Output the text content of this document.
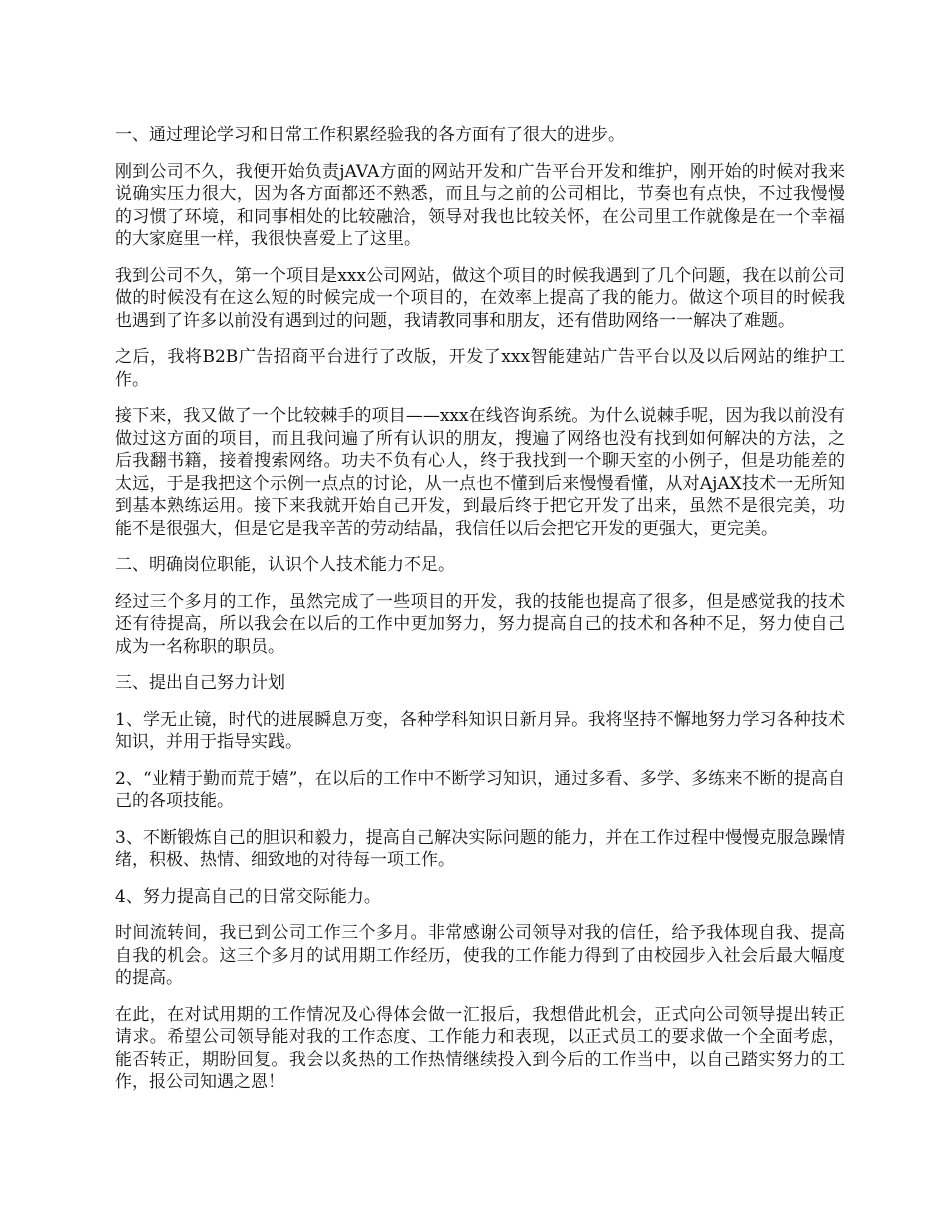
一、通过理论学习和日常工作积累经验我的各方面有了很大的进步。

刚到公司不久，我便开始负责jAVA方面的网站开发和广告平台开发和维护，刚开始的时候对我来说确实压力很大，因为各方面都还不熟悉，而且与之前的公司相比，节奏也有点快，不过我慢慢的习惯了环境，和同事相处的比较融洽，领导对我也比较关怀，在公司里工作就像是在一个幸福的大家庭里一样，我很快喜爱上了这里。

我到公司不久，第一个项目是xxx公司网站，做这个项目的时候我遇到了几个问题，我在以前公司做的时候没有在这么短的时候完成一个项目的，在效率上提高了我的能力。做这个项目的时候我也遇到了许多以前没有遇到过的问题，我请教同事和朋友，还有借助网络一一解决了难题。

之后，我将B2B广告招商平台进行了改版，开发了xxx智能建站广告平台以及以后网站的维护工作。

接下来，我又做了一个比较棘手的项目——xxx在线咨询系统。为什么说棘手呢，因为我以前没有做过这方面的项目，而且我问遍了所有认识的朋友，搜遍了网络也没有找到如何解决的方法，之后我翻书籍，接着搜索网络。功夫不负有心人，终于我找到一个聊天室的小例子，但是功能差的太远，于是我把这个示例一点点的讨论，从一点也不懂到后来慢慢看懂，从对AjAX技术一无所知到基本熟练运用。接下来我就开始自己开发，到最后终于把它开发了出来，虽然不是很完美，功能不是很强大，但是它是我辛苦的劳动结晶，我信任以后会把它开发的更强大，更完美。

二、明确岗位职能，认识个人技术能力不足。

经过三个多月的工作，虽然完成了一些项目的开发，我的技能也提高了很多，但是感觉我的技术还有待提高，所以我会在以后的工作中更加努力，努力提高自己的技术和各种不足，努力使自己成为一名称职的职员。

三、提出自己努力计划

1、学无止镜，时代的进展瞬息万变，各种学科知识日新月异。我将坚持不懈地努力学习各种技术知识，并用于指导实践。

2、“业精于勤而荒于嬉”，在以后的工作中不断学习知识，通过多看、多学、多练来不断的提高自己的各项技能。

3、不断锻炼自己的胆识和毅力，提高自己解决实际问题的能力，并在工作过程中慢慢克服急躁情绪，积极、热情、细致地的对待每一项工作。

4、努力提高自己的日常交际能力。

时间流转间，我已到公司工作三个多月。非常感谢公司领导对我的信任，给予我体现自我、提高自我的机会。这三个多月的试用期工作经历，使我的工作能力得到了由校园步入社会后最大幅度的提高。

在此，在对试用期的工作情况及心得体会做一汇报后，我想借此机会，正式向公司领导提出转正请求。希望公司领导能对我的工作态度、工作能力和表现，以正式员工的要求做一个全面考虑，能否转正，期盼回复。我会以炙热的工作热情继续投入到今后的工作当中，以自己踏实努力的工作，报公司知遇之恩！
